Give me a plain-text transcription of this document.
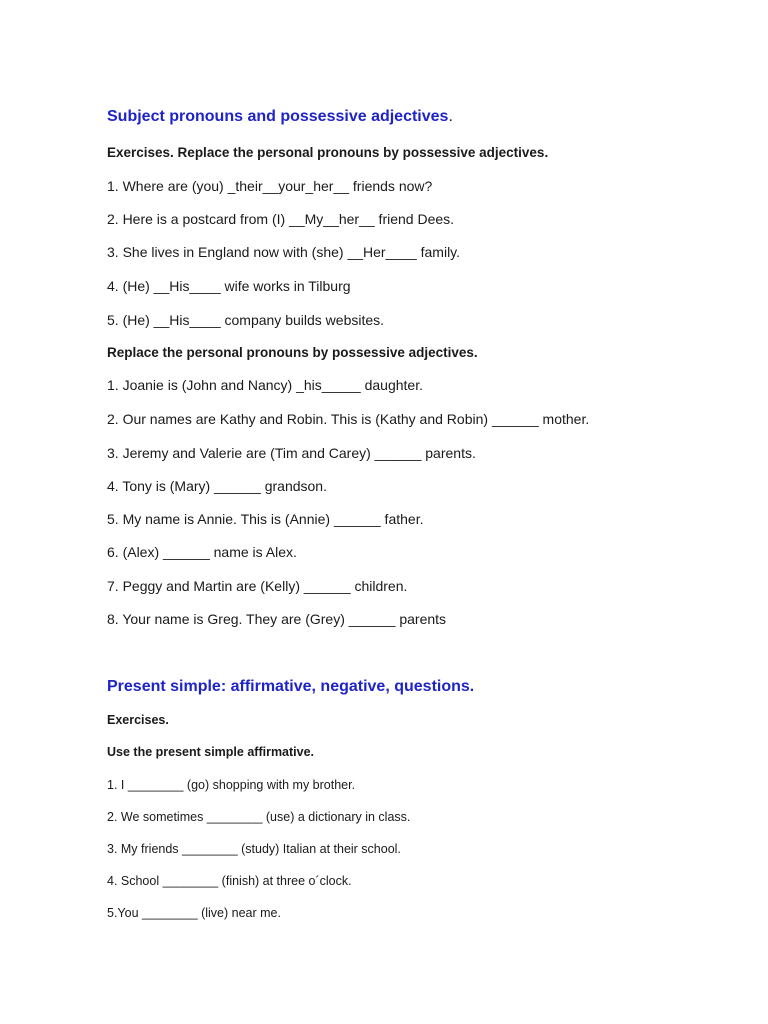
Subject pronouns and possessive adjectives.
Exercises. Replace the personal pronouns by possessive adjectives.
1. Where are (you) _their__your_her__ friends now?
2. Here is a postcard from (I) __My__her__ friend Dees.
3. She lives in England now with (she) __Her____ family.
4. (He) __His____ wife works in Tilburg
5. (He) __His____ company builds websites.
Replace the personal pronouns by possessive adjectives.
1. Joanie is (John and Nancy) _his_____ daughter.
2. Our names are Kathy and Robin. This is (Kathy and Robin) ______ mother.
3. Jeremy and Valerie are (Tim and Carey) ______ parents.
4. Tony is (Mary) ______ grandson.
5. My name is Annie. This is (Annie) ______ father.
6. (Alex) ______ name is Alex.
7. Peggy and Martin are (Kelly) ______ children.
8. Your name is Greg. They are (Grey) ______ parents
Present simple: affirmative, negative, questions.
Exercises.
Use the present simple affirmative.
1. I ________ (go) shopping with my brother.
2. We sometimes ________ (use) a dictionary in class.
3. My friends ________ (study) Italian at their school.
4. School ________ (finish) at three o´clock.
5.You ________ (live) near me.
